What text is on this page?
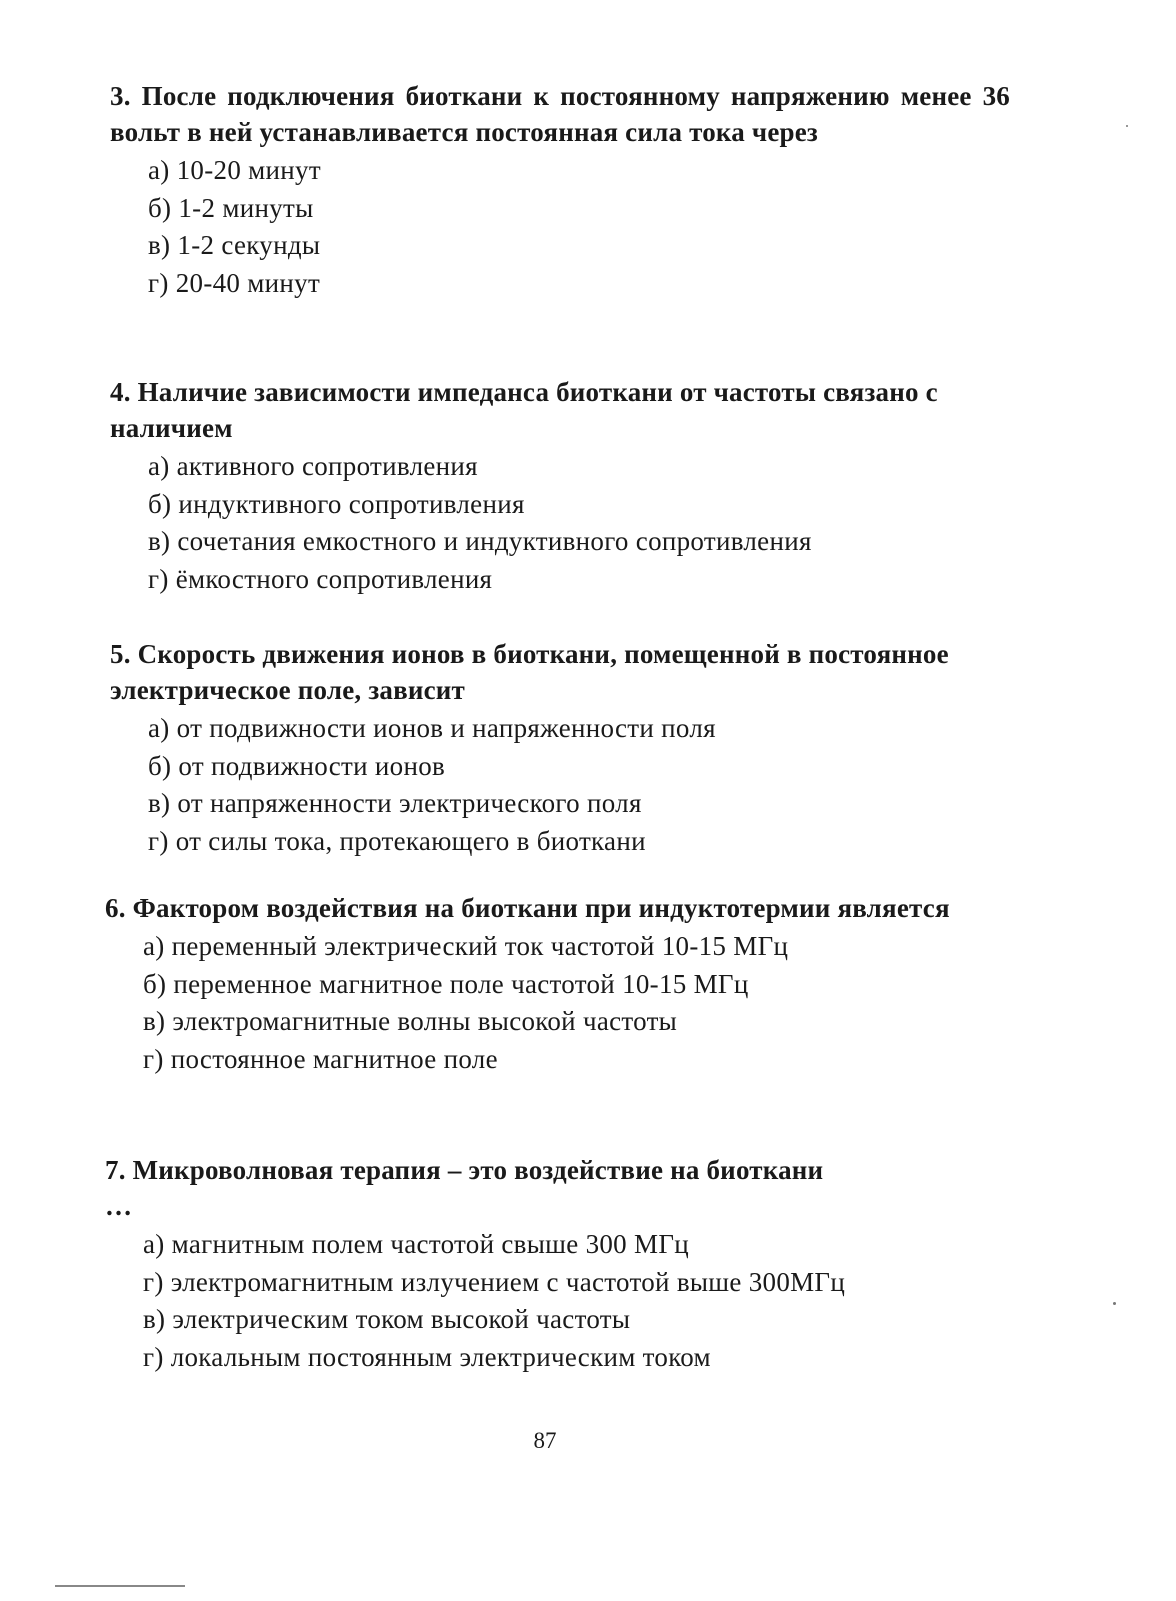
3. После подключения биоткани к постоянному напряжению менее 36 вольт в ней устанавливается постоянная сила тока через

а) 10-20 минут
б) 1-2 минуты
в) 1-2 секунды
г) 20-40 минут

4. Наличие зависимости импеданса биоткани от частоты связано с наличием

а) активного сопротивления
б) индуктивного сопротивления
в) сочетания емкостного и индуктивного сопротивления
г) ёмкостного сопротивления

5. Скорость движения ионов в биоткани, помещенной в постоянное электрическое поле, зависит

а) от подвижности ионов и напряженности поля
б) от подвижности ионов
в) от напряженности электрического поля
г) от силы тока, протекающего в биоткани

6. Фактором воздействия на биоткани при индуктотермии является

а) переменный электрический ток частотой 10-15 МГц
б) переменное магнитное поле частотой 10-15 МГц
в) электромагнитные волны высокой частоты
г) постоянное магнитное поле

7. Микроволновая терапия – это воздействие на биоткани …

а) магнитным полем частотой свыше 300 МГц
г) электромагнитным излучением с частотой выше 300МГц
в) электрическим током высокой частоты
г) локальным постоянным электрическим током
87
